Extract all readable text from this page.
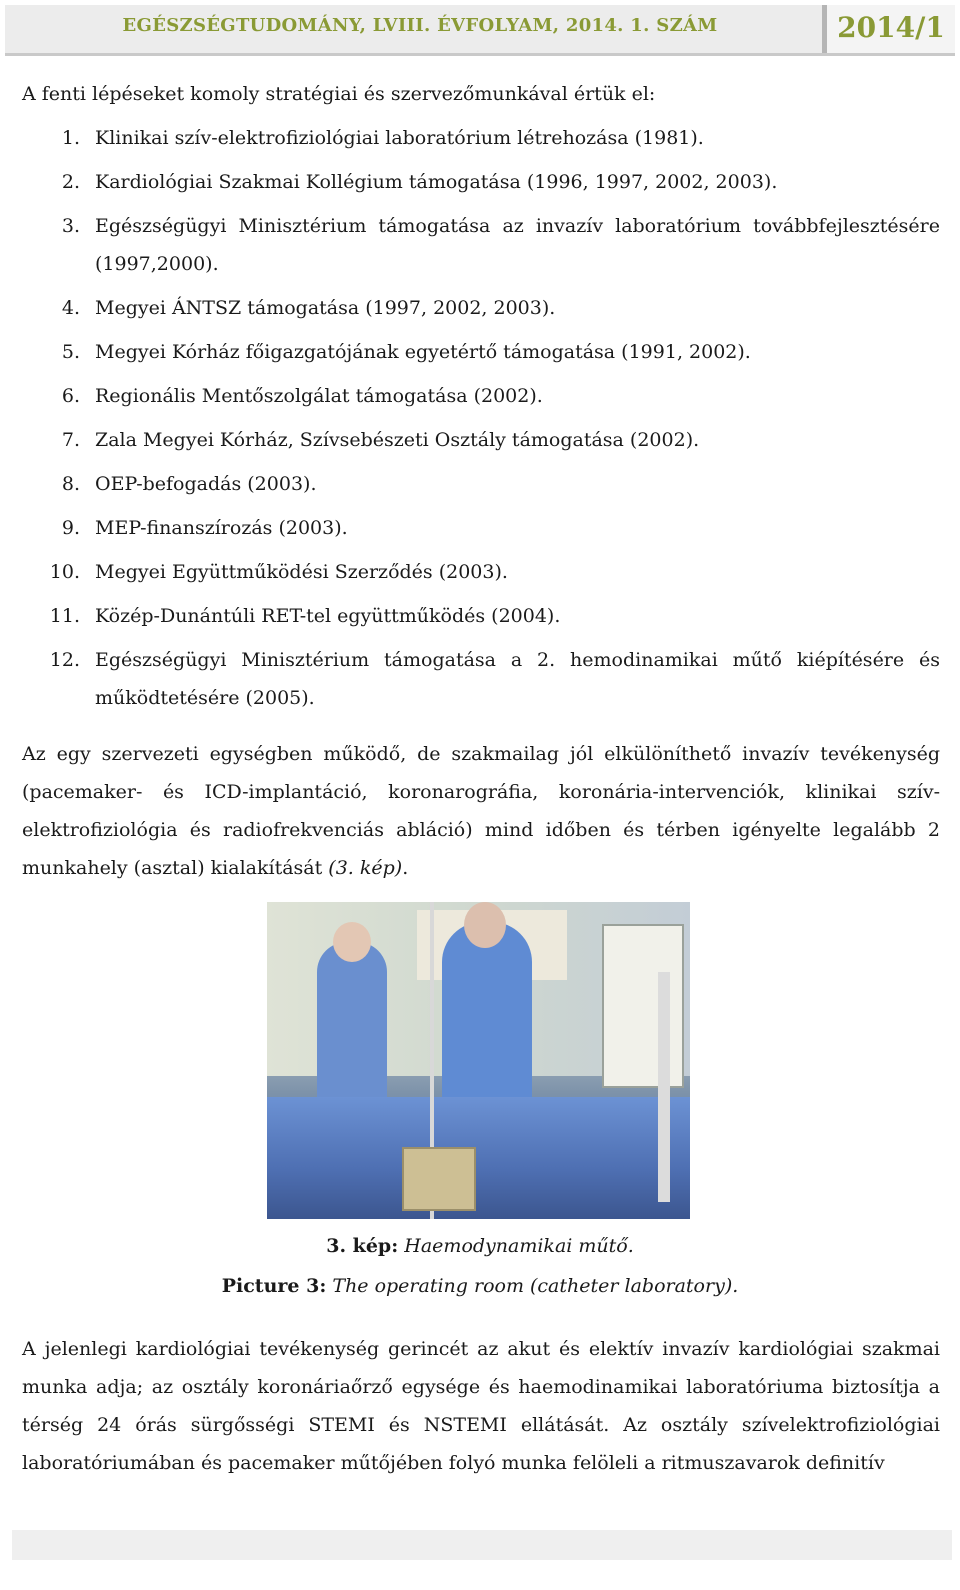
EGÉSZSÉGTUDOMÁNY, LVIII. ÉVFOLYAM, 2014. 1. SZÁM	2014/1

A fenti lépéseket komoly stratégiai és szervezőmunkával értük el:

1. Klinikai szív-elektrofiziológiai laboratórium létrehozása (1981).
2. Kardiológiai Szakmai Kollégium támogatása (1996, 1997, 2002, 2003).
3. Egészségügyi Minisztérium támogatása az invazív laboratórium továbbfejlesztésére (1997,2000).
4. Megyei ÁNTSZ támogatása (1997, 2002, 2003).
5. Megyei Kórház főigazgatójának egyetértő támogatása (1991, 2002).
6. Regionális Mentőszolgálat támogatása (2002).
7. Zala Megyei Kórház, Szívsebészeti Osztály támogatása (2002).
8. OEP-befogadás (2003).
9. MEP-finanszírozás (2003).
10. Megyei Együttműködési Szerződés (2003).
11. Közép-Dunántúli RET-tel együttműködés (2004).
12. Egészségügyi Minisztérium támogatása a 2. hemodinamikai műtő kiépítésére és működtetésére (2005).

Az egy szervezeti egységben működő, de szakmailag jól elkülöníthető invazív tevékenység (pacemaker- és ICD-implantáció, koronarográfia, koronária-intervenciók, klinikai szív-elektrofiziológia és radiofrekvenciás abláció) mind időben és térben igényelte legalább 2 munkahely (asztal) kialakítását (3. kép).

3. kép: Haemodynamikai műtő.
Picture 3: The operating room (catheter laboratory).

A jelenlegi kardiológiai tevékenység gerincét az akut és elektív invazív kardiológiai szakmai munka adja; az osztály koronáriaőrző egysége és haemodinamikai laboratóriuma biztosítja a térség 24 órás sürgősségi STEMI és NSTEMI ellátását. Az osztály szívelektrofiziológiai laboratóriumában és pacemaker műtőjében folyó munka felöleli a ritmuszavarok definitív
